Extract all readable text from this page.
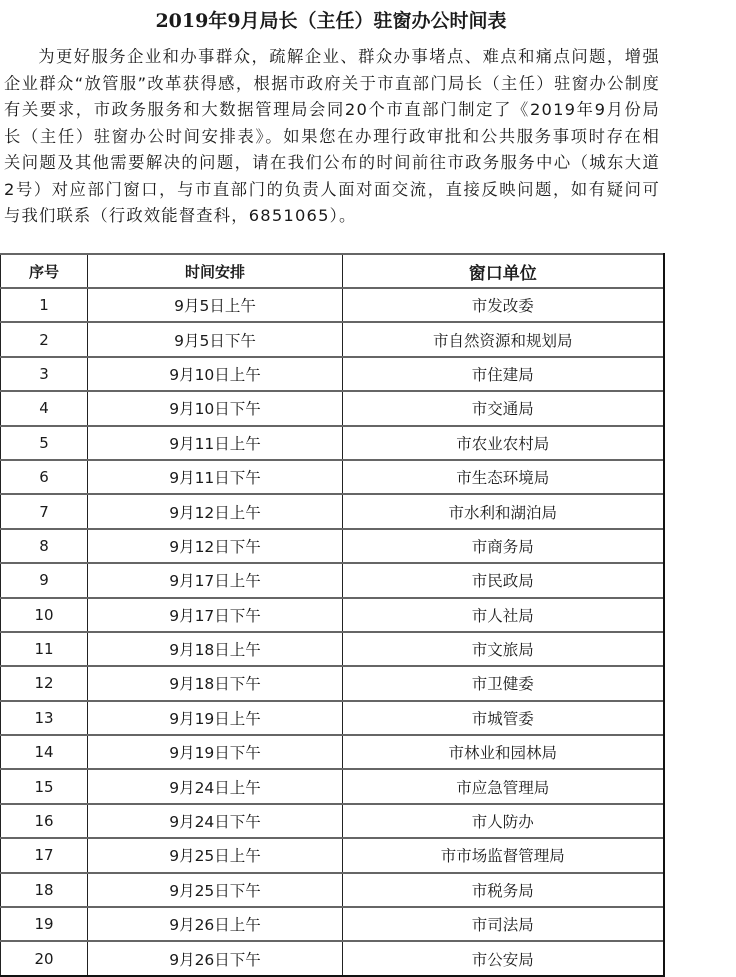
2019年9月局长（主任）驻窗办公时间表

为更好服务企业和办事群众，疏解企业、群众办事堵点、难点和痛点问题，增强企业群众“放管服”改革获得感，根据市政府关于市直部门局长（主任）驻窗办公制度有关要求，市政务服务和大数据管理局会同20个市直部门制定了《2019年9月份局长（主任）驻窗办公时间安排表》。如果您在办理行政审批和公共服务事项时存在相关问题及其他需要解决的问题，请在我们公布的时间前往市政务服务中心（城东大道2号）对应部门窗口，与市直部门的负责人面对面交流，直接反映问题，如有疑问可与我们联系（行政效能督查科，6851065）。

序号	时间安排	窗口单位
1	9月5日上午	市发改委
2	9月5日下午	市自然资源和规划局
3	9月10日上午	市住建局
4	9月10日下午	市交通局
5	9月11日上午	市农业农村局
6	9月11日下午	市生态环境局
7	9月12日上午	市水利和湖泊局
8	9月12日下午	市商务局
9	9月17日上午	市民政局
10	9月17日下午	市人社局
11	9月18日上午	市文旅局
12	9月18日下午	市卫健委
13	9月19日上午	市城管委
14	9月19日下午	市林业和园林局
15	9月24日上午	市应急管理局
16	9月24日下午	市人防办
17	9月25日上午	市市场监督管理局
18	9月25日下午	市税务局
19	9月26日上午	市司法局
20	9月26日下午	市公安局
